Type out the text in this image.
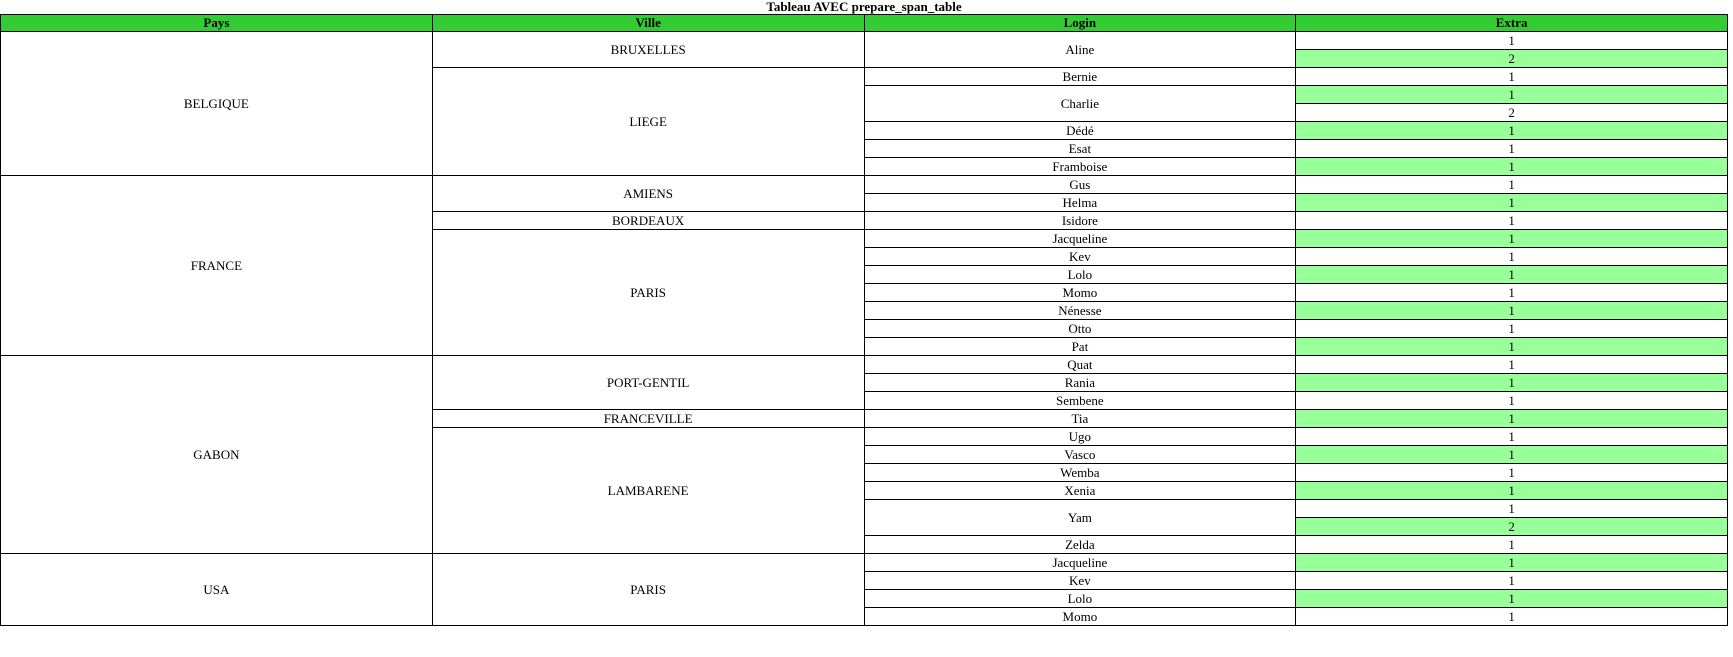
Tableau AVEC prepare_span_table
Pays	Ville	Login	Extra
BELGIQUE	BRUXELLES	Aline	1
			2
	LIEGE	Bernie	1
		Charlie	1
			2
		Dédé	1
		Esat	1
		Framboise	1
FRANCE	AMIENS	Gus	1
		Helma	1
	BORDEAUX	Isidore	1
	PARIS	Jacqueline	1
		Kev	1
		Lolo	1
		Momo	1
		Nénesse	1
		Otto	1
		Pat	1
GABON	PORT-GENTIL	Quat	1
		Rania	1
		Sembene	1
	FRANCEVILLE	Tia	1
	LAMBARENE	Ugo	1
		Vasco	1
		Wemba	1
		Xenia	1
		Yam	1
			2
		Zelda	1
USA	PARIS	Jacqueline	1
		Kev	1
		Lolo	1
		Momo	1
